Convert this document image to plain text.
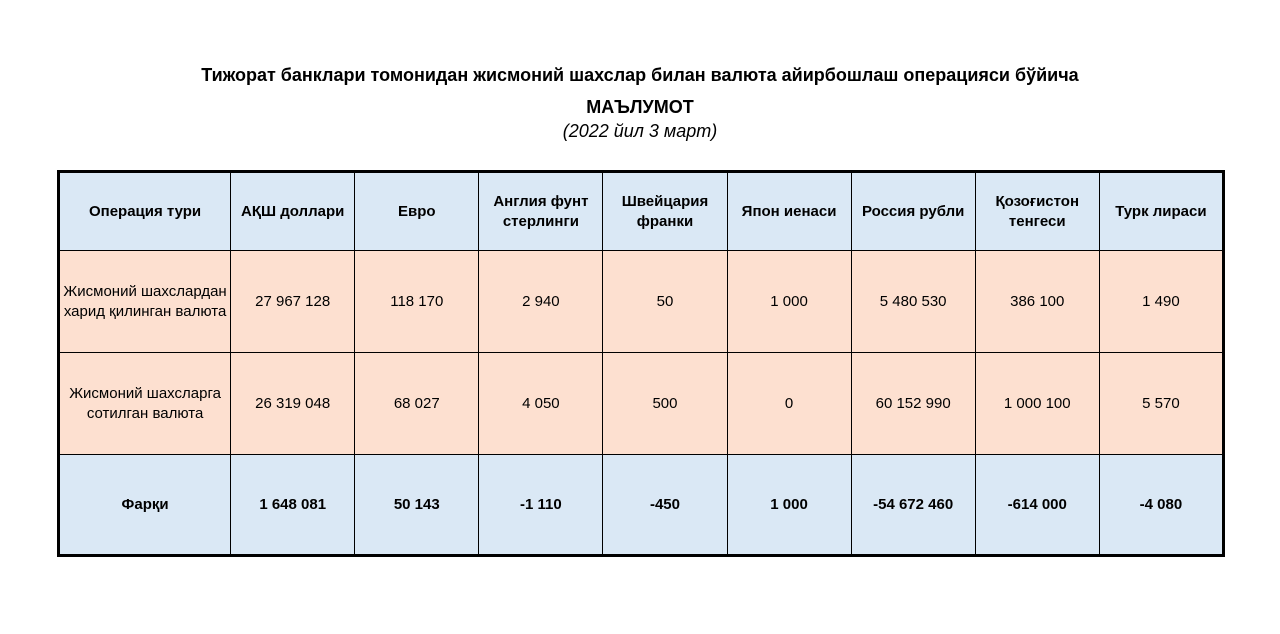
Тижорат банклари томонидан жисмоний шахслар билан валюта айирбошлаш операцияси бўйича

МАЪЛУМОТ

(2022 йил 3 март)

Операция тури	АҚШ доллари	Евро	Англия фунт стерлинги	Швейцария франки	Япон иенаси	Россия рубли	Қозоғистон тенгеси	Турк лираси
Жисмоний шахслардан харид қилинган валюта	27 967 128	118 170	2 940	50	1 000	5 480 530	386 100	1 490
Жисмоний шахсларга сотилган валюта	26 319 048	68 027	4 050	500	0	60 152 990	1 000 100	5 570
Фарқи	1 648 081	50 143	-1 110	-450	1 000	-54 672 460	-614 000	-4 080
